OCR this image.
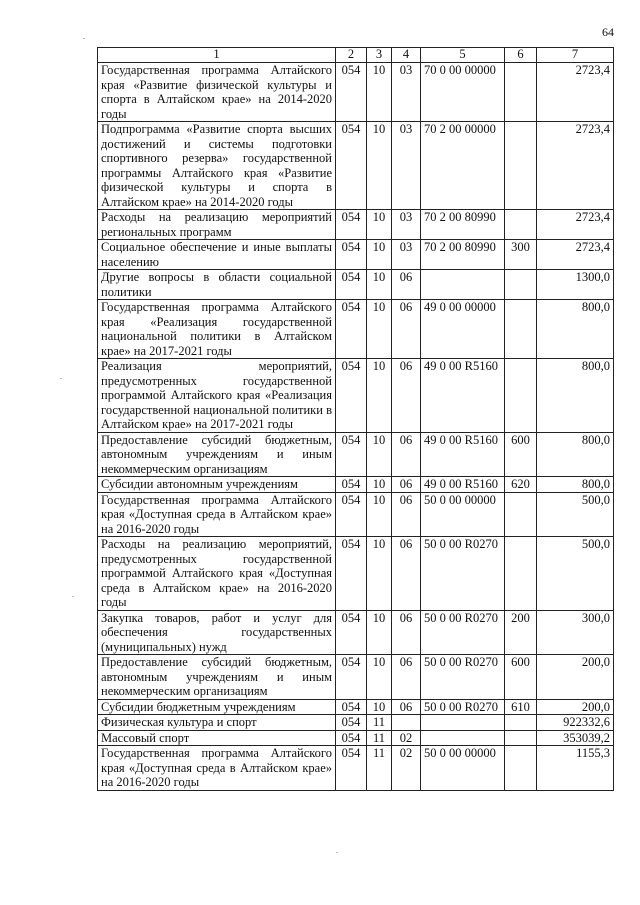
64
1	2	3	4	5	6	7
Государственная программа Алтайского края «Развитие физической культуры и спорта в Алтайском крае» на 2014-2020 годы	054	10	03	70 0 00 00000		2723,4
Подпрограмма «Развитие спорта высших достижений и системы подготовки спортивного резерва» государственной программы Алтайского края «Развитие физической культуры и спорта в Алтайском крае» на 2014-2020 годы	054	10	03	70 2 00 00000		2723,4
Расходы на реализацию мероприятий региональных программ	054	10	03	70 2 00 80990		2723,4
Социальное обеспечение и иные выплаты населению	054	10	03	70 2 00 80990	300	2723,4
Другие вопросы в области социальной политики	054	10	06			1300,0
Государственная программа Алтайского края «Реализация государственной национальной политики в Алтайском крае» на 2017-2021 годы	054	10	06	49 0 00 00000		800,0
Реализация мероприятий, предусмотренных государственной программой Алтайского края «Реализация государственной национальной политики в Алтайском крае» на 2017-2021 годы	054	10	06	49 0 00 R5160		800,0
Предоставление субсидий бюджетным, автономным учреждениям и иным некоммерческим организациям	054	10	06	49 0 00 R5160	600	800,0
Субсидии автономным учреждениям	054	10	06	49 0 00 R5160	620	800,0
Государственная программа Алтайского края «Доступная среда в Алтайском крае» на 2016-2020 годы	054	10	06	50 0 00 00000		500,0
Расходы на реализацию мероприятий, предусмотренных государственной программой Алтайского края «Доступная среда в Алтайском крае» на 2016-2020 годы	054	10	06	50 0 00 R0270		500,0
Закупка товаров, работ и услуг для обеспечения государственных (муниципальных) нужд	054	10	06	50 0 00 R0270	200	300,0
Предоставление субсидий бюджетным, автономным учреждениям и иным некоммерческим организациям	054	10	06	50 0 00 R0270	600	200,0
Субсидии бюджетным учреждениям	054	10	06	50 0 00 R0270	610	200,0
Физическая культура и спорт	054	11				922332,6
Массовый спорт	054	11	02			353039,2
Государственная программа Алтайского края «Доступная среда в Алтайском крае» на 2016-2020 годы	054	11	02	50 0 00 00000		1155,3
